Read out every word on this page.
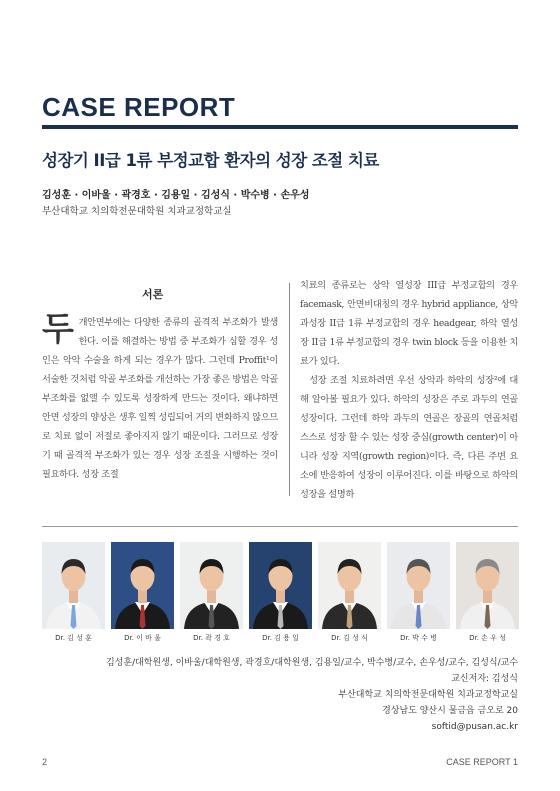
CASE REPORT
성장기 II급 1류 부정교합 환자의 성장 조절 치료
김성훈 · 이바울 · 곽경호 · 김용일 · 김성식 · 박수병 · 손우성
부산대학교 치의학전문대학원 치과교정학교실
서론

두개안면부에는 다양한 종류의 골격적 부조화가 발생한다. 이를 해결하는 방법 중 부조화가 심할 경우 성인은 악악 수술을 하게 되는 경우가 많다. 그런데 Proffit¹이 서술한 것처럼 악골 부조화를 개선하는 가장 좋은 방법은 악골 부조화를 없앨 수 있도록 성장하게 만드는 것이다. 왜냐하면 안면 성장의 양상은 생후 일찍 성립되어 거의 변화하지 않으므로 치료 없이 저절로 좋아지지 않기 때문이다. 그러므로 성장기 때 골격적 부조화가 있는 경우 성장 조절을 시행하는 것이 필요하다. 성장 조절

치료의 종류로는 상악 열성장 III급 부정교합의 경우 facemask, 안면비대칭의 경우 hybrid appliance, 상악 과성장 II급 1류 부정교합의 경우 headgear, 하악 열성장 II급 1류 부정교합의 경우 twin block 등을 이용한 치료가 있다.

성장 조절 치료하려면 우선 상악과 하악의 성장²에 대해 알아볼 필요가 있다. 하악의 성장은 주로 과두의 연골 성장이다. 그런데 하악 과두의 연골은 장골의 연골처럼 스스로 성장 할 수 있는 성장 중심(growth center)이 아니라 성장 지역(growth region)이다. 즉, 다른 주변 요소에 반응하여 성장이 이루어진다. 이를 바탕으로 하악의 성장을 설명하

Dr. 김 성 훈	Dr. 이 바 울	Dr. 곽 경 호	Dr. 김 용 일	Dr. 김 성 식	Dr. 박 수 병	Dr. 손 우 성
김성훈/대학원생, 이바울/대학원생, 곽경호/대학원생, 김용일/교수, 박수병/교수, 손우성/교수, 김성식/교수
교신저자: 김성식
부산대학교 치의학전문대학원 치과교정학교실
경상남도 양산시 물금읍 금오로 20
softid@pusan.ac.kr
2	CASE REPORT 1
